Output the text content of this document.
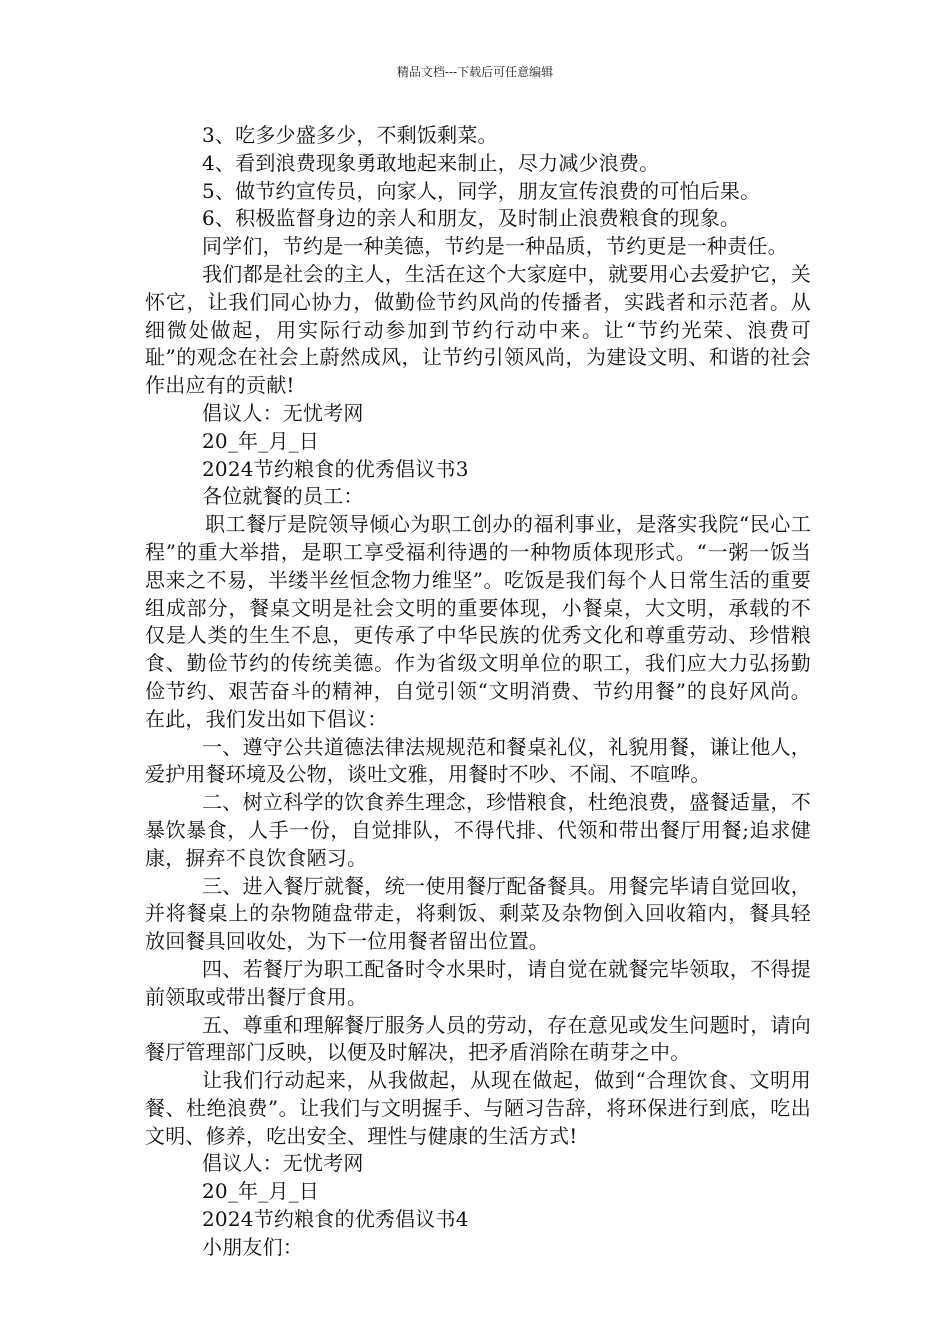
精品文档---下载后可任意编辑

3、吃多少盛多少，不剩饭剩菜。

4、看到浪费现象勇敢地起来制止，尽力减少浪费。

5、做节约宣传员，向家人，同学，朋友宣传浪费的可怕后果。

6、积极监督身边的亲人和朋友，及时制止浪费粮食的现象。

同学们，节约是一种美德，节约是一种品质，节约更是一种责任。

我们都是社会的主人，生活在这个大家庭中，就要用心去爱护它，关怀它，让我们同心协力，做勤俭节约风尚的传播者，实践者和示范者。从细微处做起，用实际行动参加到节约行动中来。让“节约光荣、浪费可耻”的观念在社会上蔚然成风，让节约引领风尚，为建设文明、和谐的社会作出应有的贡献!

倡议人：无忧考网

20_年_月_日

2024节约粮食的优秀倡议书3

各位就餐的员工：

职工餐厅是院领导倾心为职工创办的福利事业，是落实我院“民心工程”的重大举措，是职工享受福利待遇的一种物质体现形式。“一粥一饭当思来之不易，半缕半丝恒念物力维坚”。吃饭是我们每个人日常生活的重要组成部分，餐桌文明是社会文明的重要体现，小餐桌，大文明，承载的不仅是人类的生生不息，更传承了中华民族的优秀文化和尊重劳动、珍惜粮食、勤俭节约的传统美德。作为省级文明单位的职工，我们应大力弘扬勤俭节约、艰苦奋斗的精神，自觉引领“文明消费、节约用餐”的良好风尚。在此，我们发出如下倡议：

一、遵守公共道德法律法规规范和餐桌礼仪，礼貌用餐，谦让他人，爱护用餐环境及公物，谈吐文雅，用餐时不吵、不闹、不喧哗。

二、树立科学的饮食养生理念，珍惜粮食，杜绝浪费，盛餐适量，不暴饮暴食，人手一份，自觉排队，不得代排、代领和带出餐厅用餐;追求健康，摒弃不良饮食陋习。

三、进入餐厅就餐，统一使用餐厅配备餐具。用餐完毕请自觉回收，并将餐桌上的杂物随盘带走，将剩饭、剩菜及杂物倒入回收箱内，餐具轻放回餐具回收处，为下一位用餐者留出位置。

四、若餐厅为职工配备时令水果时，请自觉在就餐完毕领取，不得提前领取或带出餐厅食用。

五、尊重和理解餐厅服务人员的劳动，存在意见或发生问题时，请向餐厅管理部门反映，以便及时解决，把矛盾消除在萌芽之中。

让我们行动起来，从我做起，从现在做起，做到“合理饮食、文明用餐、杜绝浪费”。让我们与文明握手、与陋习告辞，将环保进行到底，吃出文明、修养，吃出安全、理性与健康的生活方式!

倡议人：无忧考网

20_年_月_日

2024节约粮食的优秀倡议书4

小朋友们：
